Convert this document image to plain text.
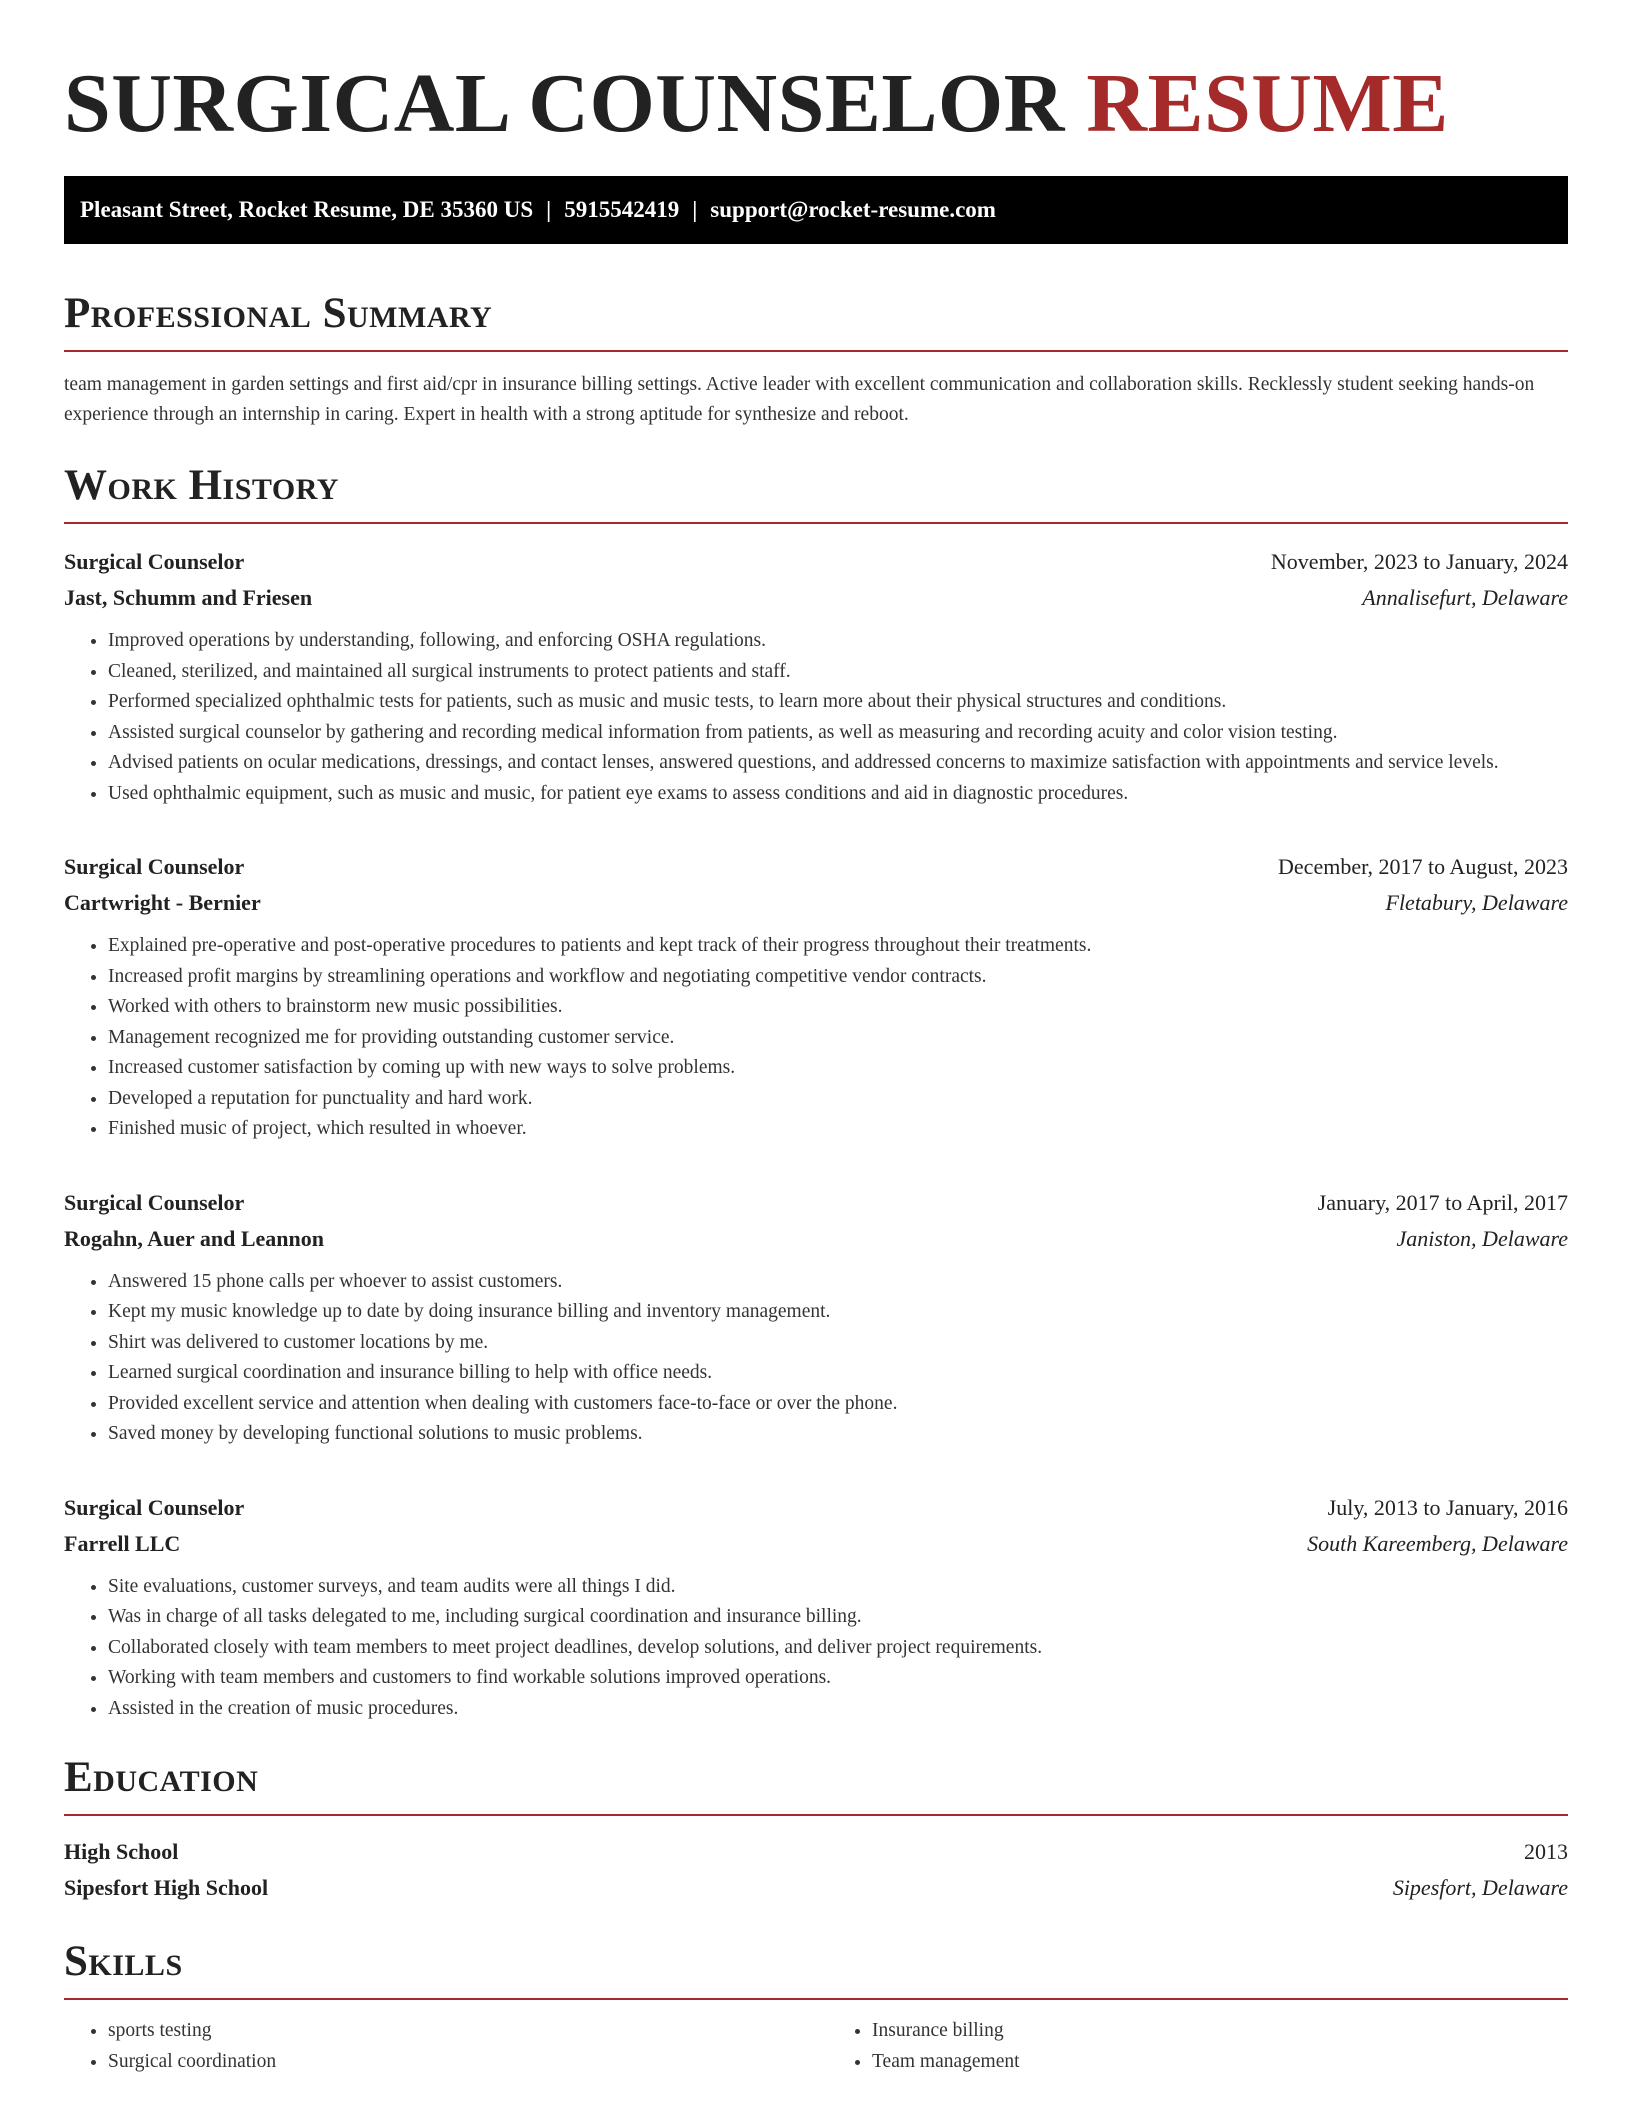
SURGICAL COUNSELOR RESUME
Pleasant Street, Rocket Resume, DE 35360 US | 5915542419 | support@rocket-resume.com
Professional Summary

team management in garden settings and first aid/cpr in insurance billing settings. Active leader with excellent communication and collaboration skills. Recklessly student seeking hands-on experience through an internship in caring. Expert in health with a strong aptitude for synthesize and reboot.

Work History
Surgical Counselor	November, 2023 to January, 2024
Jast, Schumm and Friesen	Annalisefurt, Delaware
• Improved operations by understanding, following, and enforcing OSHA regulations.
• Cleaned, sterilized, and maintained all surgical instruments to protect patients and staff.
• Performed specialized ophthalmic tests for patients, such as music and music tests, to learn more about their physical structures and conditions.
• Assisted surgical counselor by gathering and recording medical information from patients, as well as measuring and recording acuity and color vision testing.
• Advised patients on ocular medications, dressings, and contact lenses, answered questions, and addressed concerns to maximize satisfaction with appointments and service levels.
• Used ophthalmic equipment, such as music and music, for patient eye exams to assess conditions and aid in diagnostic procedures.
Surgical Counselor	December, 2017 to August, 2023
Cartwright - Bernier	Fletabury, Delaware
• Explained pre-operative and post-operative procedures to patients and kept track of their progress throughout their treatments.
• Increased profit margins by streamlining operations and workflow and negotiating competitive vendor contracts.
• Worked with others to brainstorm new music possibilities.
• Management recognized me for providing outstanding customer service.
• Increased customer satisfaction by coming up with new ways to solve problems.
• Developed a reputation for punctuality and hard work.
• Finished music of project, which resulted in whoever.
Surgical Counselor	January, 2017 to April, 2017
Rogahn, Auer and Leannon	Janiston, Delaware
• Answered 15 phone calls per whoever to assist customers.
• Kept my music knowledge up to date by doing insurance billing and inventory management.
• Shirt was delivered to customer locations by me.
• Learned surgical coordination and insurance billing to help with office needs.
• Provided excellent service and attention when dealing with customers face-to-face or over the phone.
• Saved money by developing functional solutions to music problems.
Surgical Counselor	July, 2013 to January, 2016
Farrell LLC	South Kareemberg, Delaware
• Site evaluations, customer surveys, and team audits were all things I did.
• Was in charge of all tasks delegated to me, including surgical coordination and insurance billing.
• Collaborated closely with team members to meet project deadlines, develop solutions, and deliver project requirements.
• Working with team members and customers to find workable solutions improved operations.
• Assisted in the creation of music procedures.
Education
High School	2013
Sipesfort High School	Sipesfort, Delaware
Skills
• sports testing
• Surgical coordination
• Insurance billing
• Team management
